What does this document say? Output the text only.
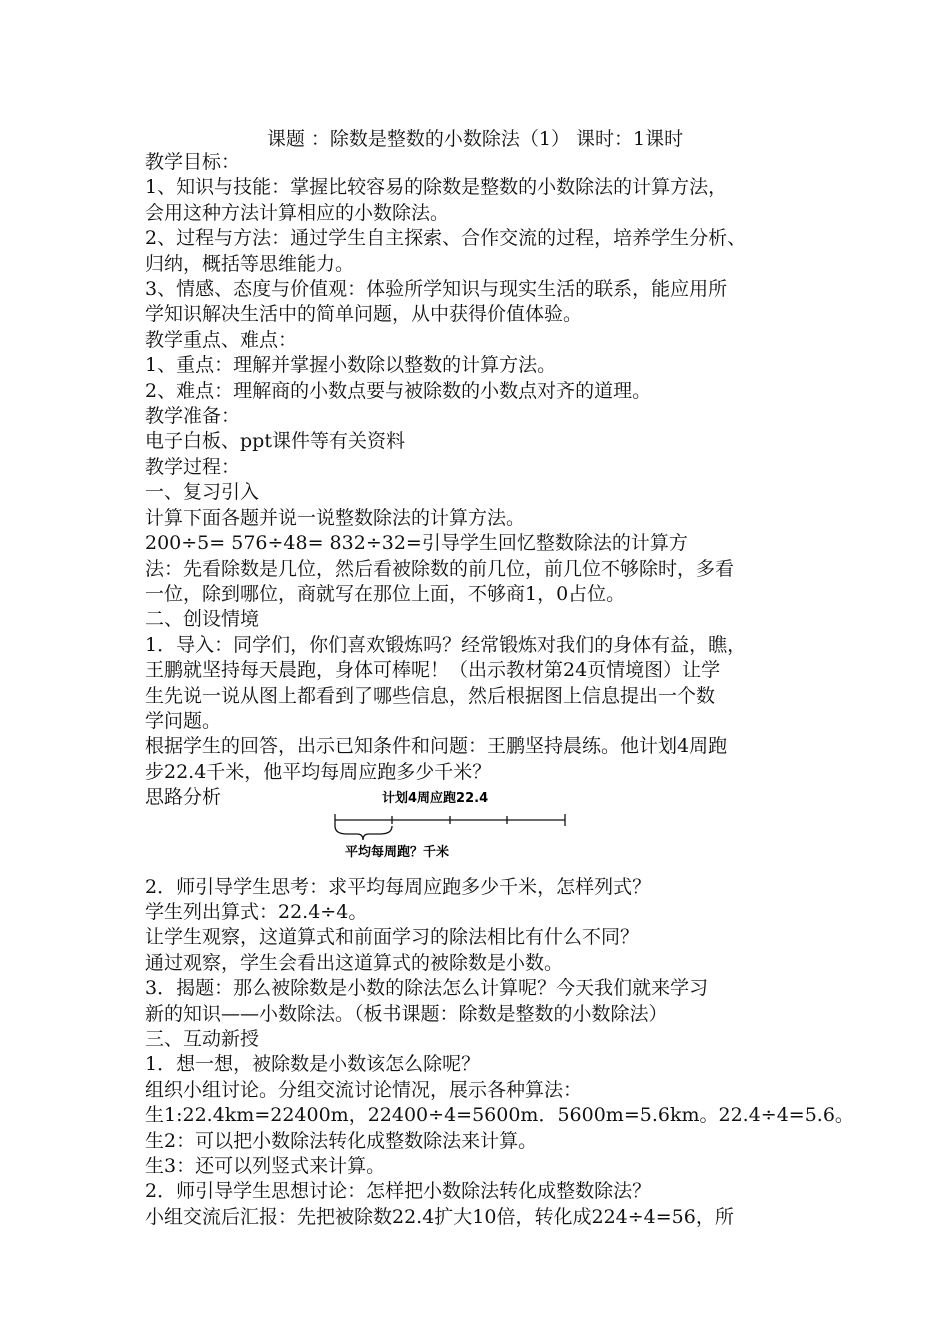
课题 ：除数是整数的小数除法（1） 课时：1课时

教学目标：

1、知识与技能：掌握比较容易的除数是整数的小数除法的计算方法，

会用这种方法计算相应的小数除法。

2、过程与方法：通过学生自主探索、合作交流的过程，培养学生分析、

归纳，概括等思维能力。

3、情感、态度与价值观：体验所学知识与现实生活的联系，能应用所

学知识解决生活中的简单问题，从中获得价值体验。

教学重点、难点：

1、重点：理解并掌握小数除以整数的计算方法。

2、难点：理解商的小数点要与被除数的小数点对齐的道理。

教学准备：

电子白板、ppt课件等有关资料

教学过程：

一、复习引入

计算下面各题并说一说整数除法的计算方法。

200÷5= 576÷48= 832÷32=引导学生回忆整数除法的计算方

法：先看除数是几位，然后看被除数的前几位，前几位不够除时，多看

一位，除到哪位，商就写在那位上面，不够商1，0占位。

二、创设情境

1．导入：同学们，你们喜欢锻炼吗？经常锻炼对我们的身体有益，瞧，

王鹏就坚持每天晨跑，身体可棒呢！（出示教材第24页情境图）让学

生先说一说从图上都看到了哪些信息，然后根据图上信息提出一个数

学问题。

根据学生的回答，出示已知条件和问题：王鹏坚持晨练。他计划4周跑

步22.4千米，他平均每周应跑多少千米？

思路分析

2．师引导学生思考：求平均每周应跑多少千米，怎样列式？

学生列出算式：22.4÷4。

让学生观察，这道算式和前面学习的除法相比有什么不同？

通过观察，学生会看出这道算式的被除数是小数。

3．揭题：那么被除数是小数的除法怎么计算呢？今天我们就来学习

新的知识——小数除法。（板书课题：除数是整数的小数除法）

三、互动新授

1．想一想，被除数是小数该怎么除呢？

组织小组讨论。分组交流讨论情况，展示各种算法：

生1:22.4km=22400m，22400÷4=5600m．5600m=5.6km。22.4÷4=5.6。

生2：可以把小数除法转化成整数除法来计算。

生3：还可以列竖式来计算。

2．师引导学生思想讨论：怎样把小数除法转化成整数除法？

小组交流后汇报：先把被除数22.4扩大10倍，转化成224÷4=56，所

计划4周应跑22.4
平均每周跑？千米
